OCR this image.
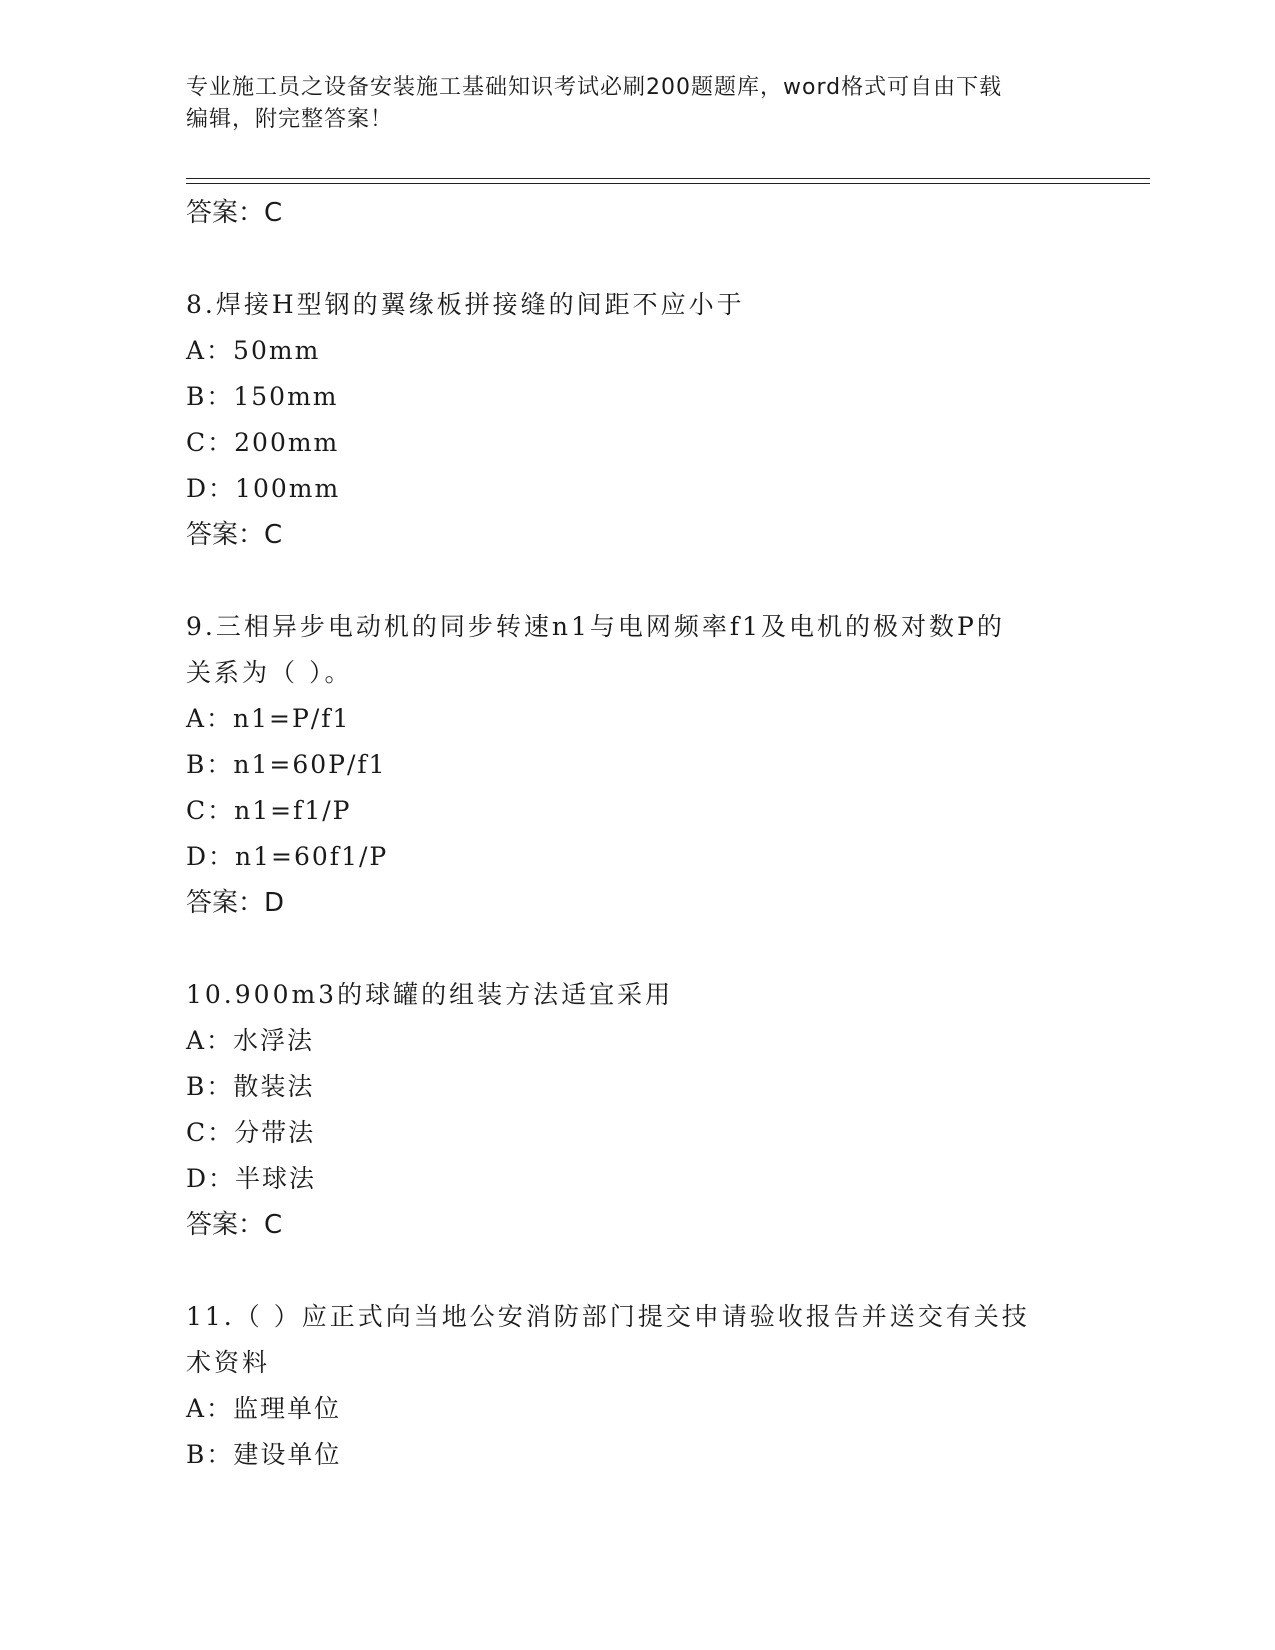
专业施工员之设备安装施工基础知识考试必刷200题题库，word格式可自由下载
编辑，附完整答案！
答案：C
8.焊接H型钢的翼缘板拼接缝的间距不应小于
A：50mm
B：150mm
C：200mm
D：100mm
答案：C
9.三相异步电动机的同步转速n1与电网频率f1及电机的极对数P的
关系为（ ）。
A：n1=P/f1
B：n1=60P/f1
C：n1=f1/P
D：n1=60f1/P
答案：D
10.900m3的球罐的组装方法适宜采用
A：水浮法
B：散装法
C：分带法
D：半球法
答案：C
11.（ ）应正式向当地公安消防部门提交申请验收报告并送交有关技
术资料
A：监理单位
B：建设单位
